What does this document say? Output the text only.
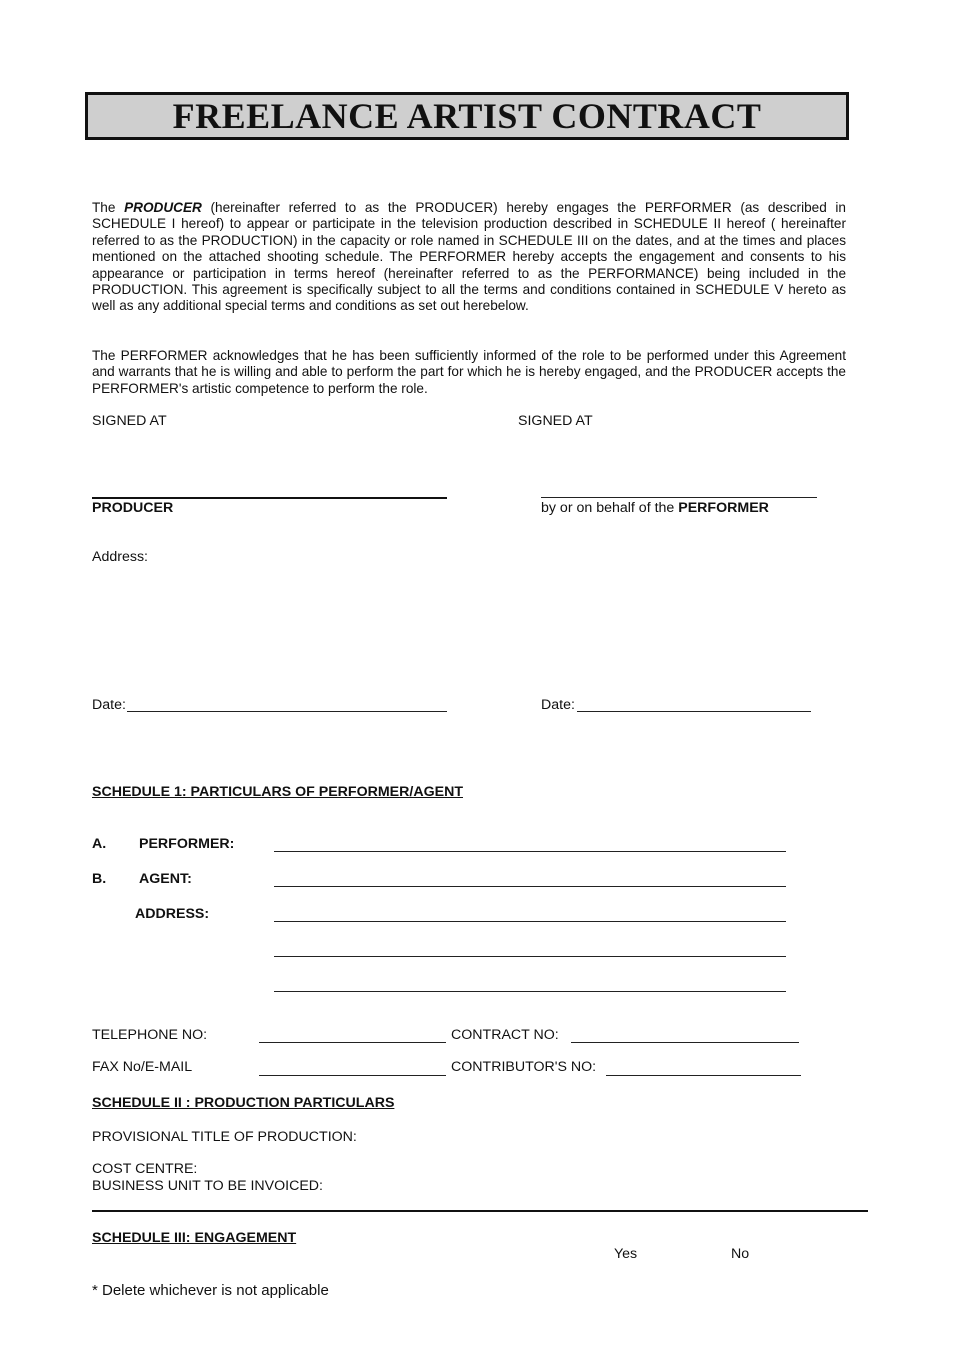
FREELANCE ARTIST CONTRACT
The PRODUCER (hereinafter referred to as the PRODUCER) hereby engages the PERFORMER (as described in SCHEDULE I hereof) to appear or participate in the television production described in SCHEDULE II hereof ( hereinafter referred to as the PRODUCTION) in the capacity or role named in SCHEDULE III on the dates, and at the times and places mentioned on the attached shooting schedule. The PERFORMER hereby accepts the engagement and consents to his appearance or participation in terms hereof (hereinafter referred to as the PERFORMANCE) being included in the PRODUCTION. This agreement is specifically subject to all the terms and conditions contained in SCHEDULE V hereto as well as any additional special terms and conditions as set out herebelow.
The PERFORMER acknowledges that he has been sufficiently informed of the role to be performed under this Agreement and warrants that he is willing and able to perform the part for which he is hereby engaged, and the PRODUCER accepts the PERFORMER's artistic competence to perform the role.
SIGNED AT	SIGNED AT
PRODUCER	by or on behalf of the PERFORMER
Address:
Date:	Date:
SCHEDULE 1: PARTICULARS OF PERFORMER/AGENT
A. PERFORMER:
B. AGENT:
ADDRESS:
TELEPHONE NO:	CONTRACT NO:
FAX No/E-MAIL	CONTRIBUTOR'S NO:
SCHEDULE II : PRODUCTION PARTICULARS
PROVISIONAL TITLE OF PRODUCTION:
COST CENTRE:
BUSINESS UNIT TO BE INVOICED:
SCHEDULE III: ENGAGEMENT
Yes	No
* Delete whichever is not applicable
